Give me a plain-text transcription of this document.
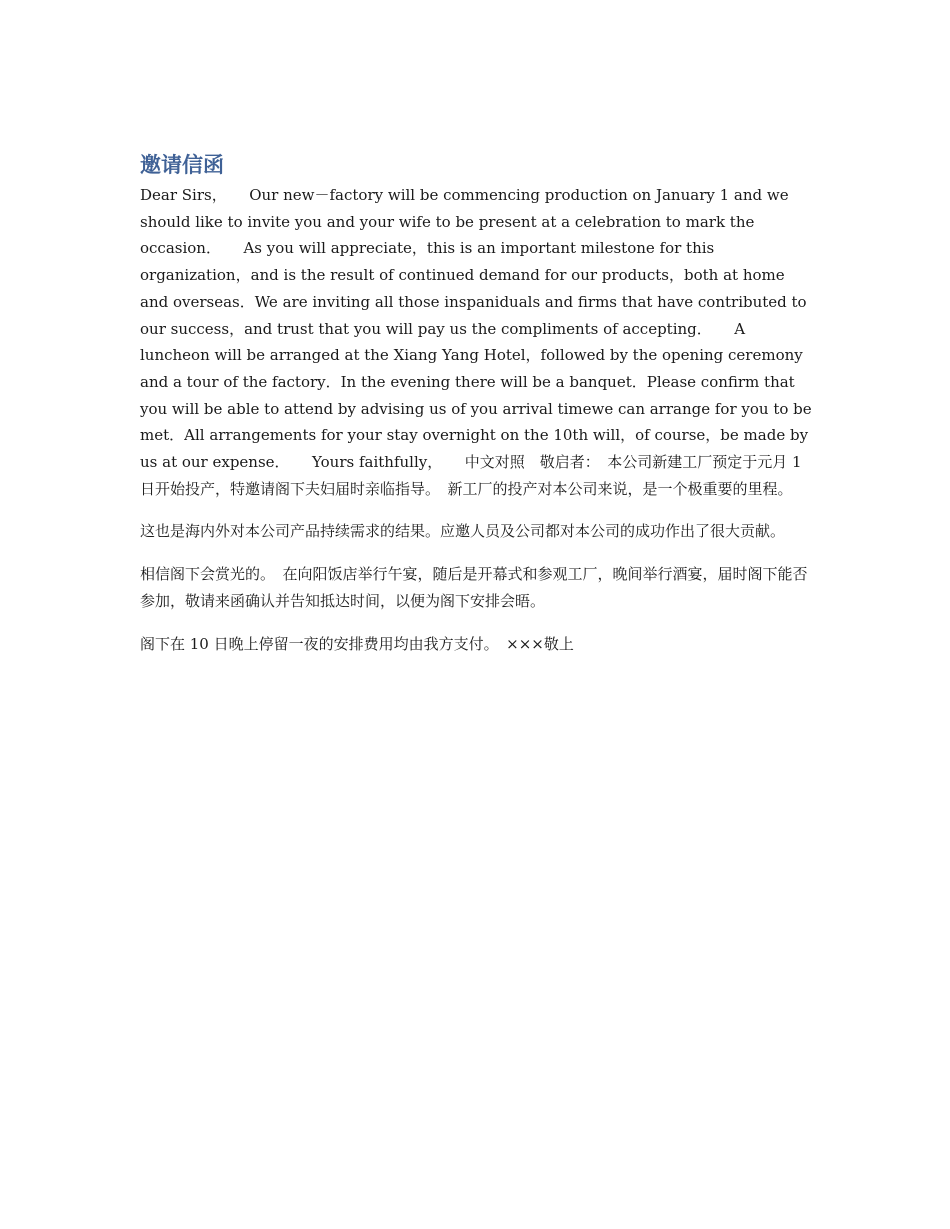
邀请信函

Dear Sirs，　　Our new－factory will be commencing production on January 1 and we should like to invite you and your wife to be present at a celebration to mark the occasion．　　As you will appreciate，this is an important milestone for this organization，and is the result of continued demand for our products，both at home and overseas．We are inviting all those inspaniduals and firms that have contributed to our success，and trust that you will pay us the compliments of accepting．　　A luncheon will be arranged at the Xiang Yang Hotel，followed by the opening ceremony and a tour of the factory．In the evening there will be a banquet．Please confirm that you will be able to attend by advising us of you arrival timewe can arrange for you to be met．All arrangements for your stay overnight on the 10th will，of course，be made by us at our expense．　　Yours faithfully，　　中文对照　敬启者：　本公司新建工厂预定于元月 1 日开始投产，特邀请阁下夫妇届时亲临指导。　新工厂的投产对本公司来说，是一个极重要的里程。

这也是海内外对本公司产品持续需求的结果。应邀人员及公司都对本公司的成功作出了很大贡献。

相信阁下会赏光的。　在向阳饭店举行午宴，随后是开幕式和参观工厂，晚间举行酒宴，届时阁下能否参加，敬请来函确认并告知抵达时间，以便为阁下安排会晤。

阁下在 10 日晚上停留一夜的安排费用均由我方支付。　×××敬上
